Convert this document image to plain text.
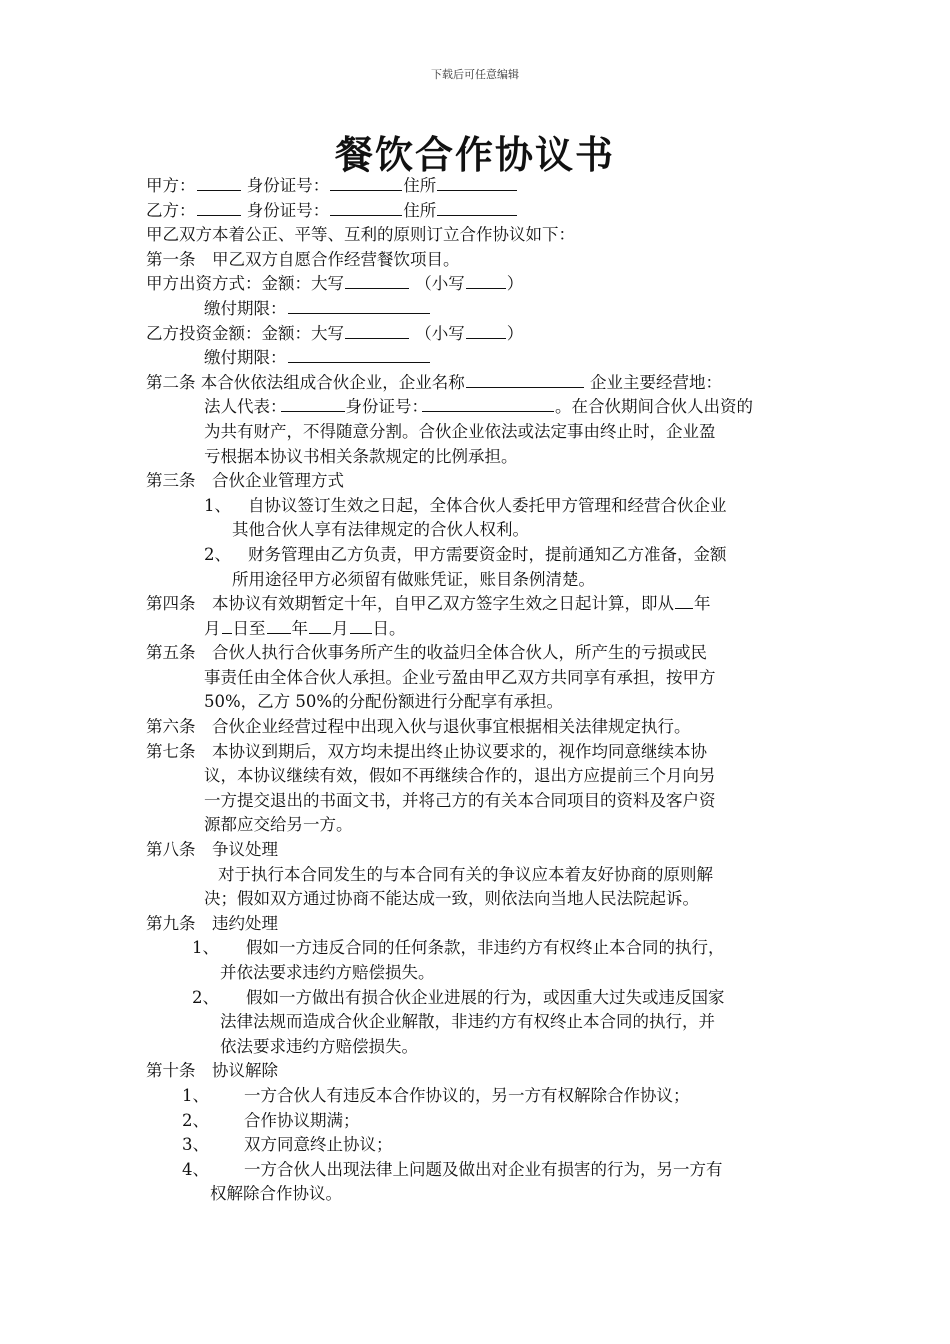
下载后可任意编辑
餐饮合作协议书
甲方：	身份证号：	住所
乙方：	身份证号：	住所
甲乙双方本着公正、平等、互利的原则订立合作协议如下：
第一条　甲乙双方自愿合作经营餐饮项目。
甲方出资方式：金额：大写	（小写	）
缴付期限：
乙方投资金额：金额：大写	（小写	）
缴付期限：
第二条 本合伙依法组成合伙企业，企业名称	企业主要经营地：
法人代表：	身份证号：	。在合伙期间合伙人出资的
为共有财产，不得随意分割。合伙企业依法或法定事由终止时，企业盈
亏根据本协议书相关条款规定的比例承担。
第三条　合伙企业管理方式
1、 自协议签订生效之日起，全体合伙人委托甲方管理和经营合伙企业
其他合伙人享有法律规定的合伙人权利。
2、 财务管理由乙方负责，甲方需要资金时，提前通知乙方准备，金额
所用途径甲方必须留有做账凭证，账目条例清楚。
第四条　本协议有效期暂定十年，自甲乙双方签字生效之日起计算，即从 年
月 日至 年 月 日。
第五条　合伙人执行合伙事务所产生的收益归全体合伙人，所产生的亏损或民
事责任由全体合伙人承担。企业亏盈由甲乙双方共同享有承担，按甲方
50%，乙方 50%的分配份额进行分配享有承担。
第六条　合伙企业经营过程中出现入伙与退伙事宜根据相关法律规定执行。
第七条　本协议到期后，双方均未提出终止协议要求的，视作均同意继续本协
议，本协议继续有效，假如不再继续合作的，退出方应提前三个月向另
一方提交退出的书面文书，并将己方的有关本合同项目的资料及客户资
源都应交给另一方。
第八条　争议处理
对于执行本合同发生的与本合同有关的争议应本着友好协商的原则解
决；假如双方通过协商不能达成一致，则依法向当地人民法院起诉。
第九条　违约处理
1、 假如一方违反合同的任何条款，非违约方有权终止本合同的执行，
并依法要求违约方赔偿损失。
2、 假如一方做出有损合伙企业进展的行为，或因重大过失或违反国家
法律法规而造成合伙企业解散，非违约方有权终止本合同的执行，并
依法要求违约方赔偿损失。
第十条　协议解除
1、 一方合伙人有违反本合作协议的，另一方有权解除合作协议；
2、 合作协议期满；
3、 双方同意终止协议；
4、 一方合伙人出现法律上问题及做出对企业有损害的行为，另一方有
权解除合作协议。
